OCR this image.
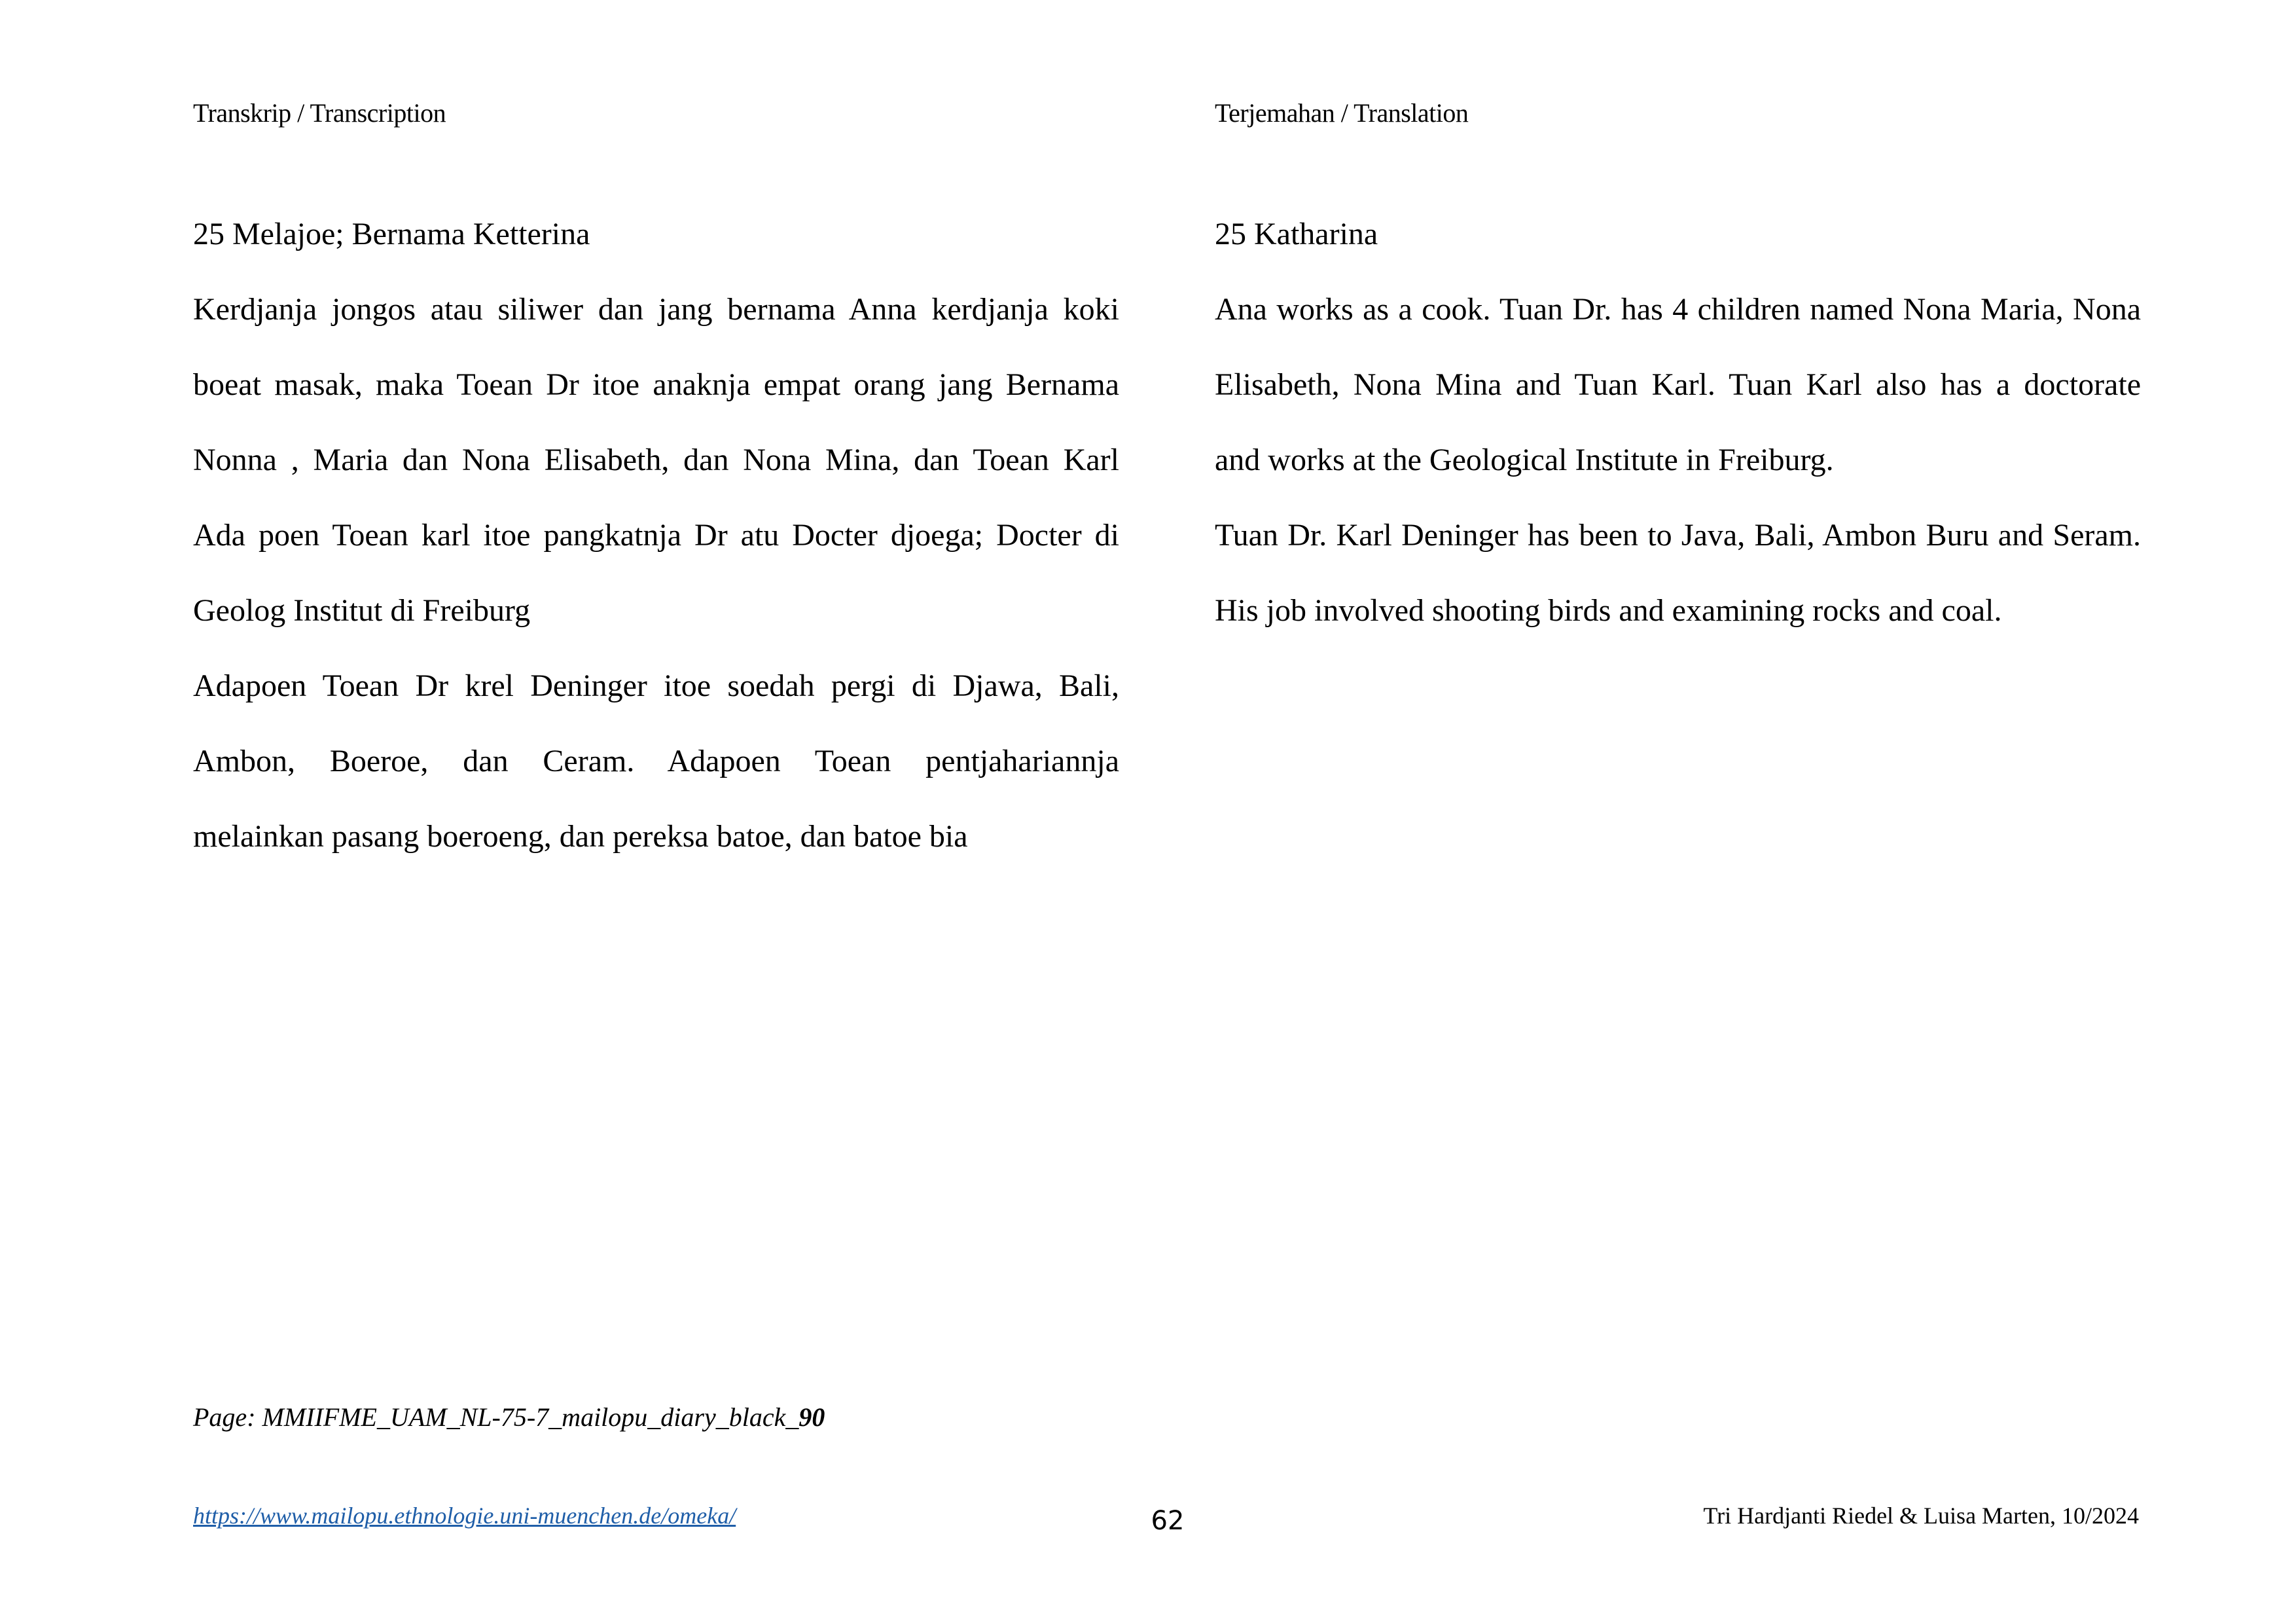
Transkrip / Transcription	Terjemahan / Translation
25 Melajoe; Bernama Ketterina
Kerdjanja jongos atau siliwer dan jang bernama Anna kerdjanja koki
boeat masak, maka Toean Dr itoe anaknja empat orang jang Bernama
Nonna , Maria dan Nona Elisabeth, dan Nona Mina, dan Toean Karl
Ada poen Toean karl itoe pangkatnja Dr atu Docter djoega; Docter di
Geolog Institut di Freiburg
Adapoen Toean Dr krel Deninger itoe soedah pergi di Djawa, Bali,
Ambon, Boeroe, dan Ceram. Adapoen Toean pentjahariannja
melainkan pasang boeroeng, dan pereksa batoe, dan batoe bia
25 Katharina
Ana works as a cook. Tuan Dr. has 4 children named Nona Maria, Nona
Elisabeth, Nona Mina and Tuan Karl. Tuan Karl also has a doctorate
and works at the Geological Institute in Freiburg.
Tuan Dr. Karl Deninger has been to Java, Bali, Ambon Buru and Seram.
His job involved shooting birds and examining rocks and coal.
Page: MMIIFME_UAM_NL-75-7_mailopu_diary_black_90
https://www.mailopu.ethnologie.uni-muenchen.de/omeka/	62	Tri Hardjanti Riedel & Luisa Marten, 10/2024
